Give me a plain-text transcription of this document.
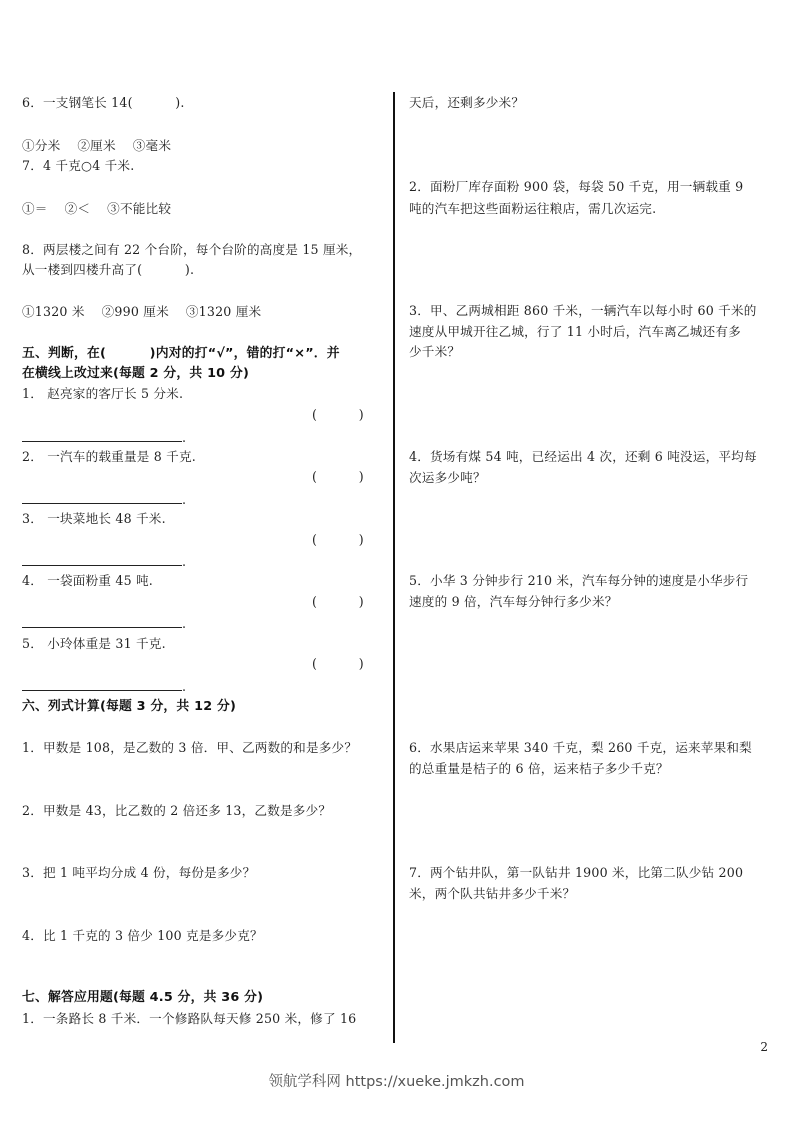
6．一支钢笔长 14(　　　 ).
①分米　 ②厘米　 ③毫米
7．4 千克○4 千米.
①＝　 ②＜　 ③不能比较
8．两层楼之间有 22 个台阶，每个台阶的高度是 15 厘米，
从一楼到四楼升高了(　　　 ).
①1320 米　 ②990 厘米　 ③1320 厘米
五、判断，在(　　　 )内对的打“√”，错的打“×”．并
在横线上改过来(每题 2 分，共 10 分)
1． 赵亮家的客厅长 5 分米.
(　　　 )
.
2． 一汽车的载重量是 8 千克.
(　　　 )
.
3． 一块菜地长 48 千米.
(　　　 )
.
4． 一袋面粉重 45 吨.
(　　　 )
.
5． 小玲体重是 31 千克.
(　　　 )
.
六、列式计算(每题 3 分，共 12 分)
1．甲数是 108，是乙数的 3 倍．甲、乙两数的和是多少？
2．甲数是 43，比乙数的 2 倍还多 13，乙数是多少？
3．把 1 吨平均分成 4 份，每份是多少？
4．比 1 千克的 3 倍少 100 克是多少克？
七、解答应用题(每题 4.5 分，共 36 分)
1．一条路长 8 千米．一个修路队每天修 250 米，修了 16
天后，还剩多少米？
2．面粉厂库存面粉 900 袋，每袋 50 千克，用一辆载重 9
吨的汽车把这些面粉运往粮店，需几次运完.
3．甲、乙两城相距 860 千米，一辆汽车以每小时 60 千米的
速度从甲城开往乙城，行了 11 小时后，汽车离乙城还有多
少千米？
4．货场有煤 54 吨，已经运出 4 次，还剩 6 吨没运，平均每
次运多少吨？
5．小华 3 分钟步行 210 米，汽车每分钟的速度是小华步行
速度的 9 倍，汽车每分钟行多少米？
6．水果店运来苹果 340 千克，梨 260 千克，运来苹果和梨
的总重量是桔子的 6 倍，运来桔子多少千克？
7．两个钻井队，第一队钻井 1900 米，比第二队少钻 200
米，两个队共钻井多少千米？
2
领航学科网 https://xueke.jmkzh.com
